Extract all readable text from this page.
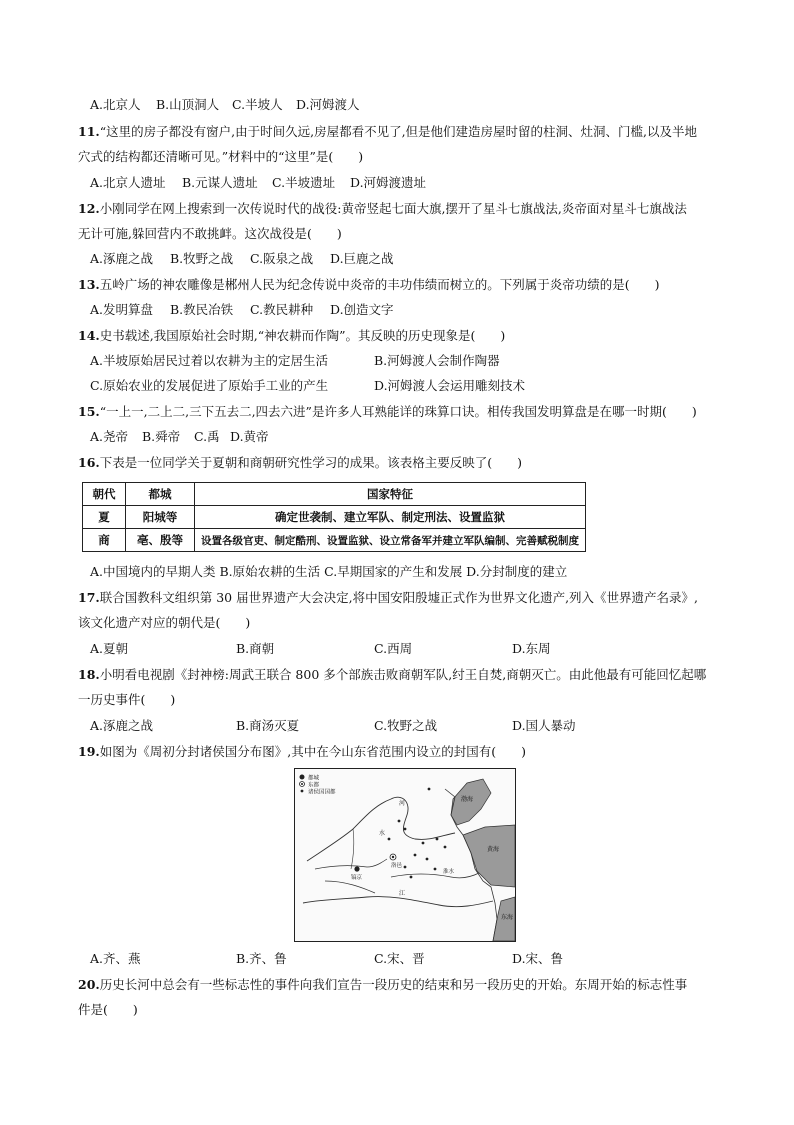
A.北京人 B.山顶洞人 C.半坡人 D.河姆渡人
11.“这里的房子都没有窗户,由于时间久远,房屋都看不见了,但是他们建造房屋时留的柱洞、灶洞、门槛,以及半地
穴式的结构都还清晰可见。”材料中的“这里”是(　　)
A.北京人遗址 B.元谋人遗址 C.半坡遗址 D.河姆渡遗址
12.小刚同学在网上搜索到一次传说时代的战役:黄帝竖起七面大旗,摆开了星斗七旗战法,炎帝面对星斗七旗战法
无计可施,躲回营内不敢挑衅。这次战役是(　　)
A.涿鹿之战 B.牧野之战 C.阪泉之战 D.巨鹿之战
13.五岭广场的神农雕像是郴州人民为纪念传说中炎帝的丰功伟绩而树立的。下列属于炎帝功绩的是(　　)
A.发明算盘 B.教民冶铁 C.教民耕种 D.创造文字
14.史书载述,我国原始社会时期,“神农耕而作陶”。其反映的历史现象是(　　)
A.半坡原始居民过着以农耕为主的定居生活	B.河姆渡人会制作陶器
C.原始农业的发展促进了原始手工业的产生	D.河姆渡人会运用雕刻技术
15.“一上一,二上二,三下五去二,四去六进”是许多人耳熟能详的珠算口诀。相传我国发明算盘是在哪一时期(　　)
A.尧帝 B.舜帝 C.禹 D.黄帝
16.下表是一位同学关于夏朝和商朝研究性学习的成果。该表格主要反映了(　　)
朝代	都城	国家特征
夏	阳城等	确定世袭制、建立军队、制定刑法、设置监狱
商	亳、殷等	设置各级官吏、制定酷刑、设置监狱、设立常备军并建立军队编制、完善赋税制度
A.中国境内的早期人类 B.原始农耕的生活 C.早期国家的产生和发展 D.分封制度的建立
17.联合国教科文组织第 30 届世界遗产大会决定,将中国安阳殷墟正式作为世界文化遗产,列入《世界遗产名录》,
该文化遗产对应的朝代是(　　)
A.夏朝	B.商朝	C.西周	D.东周
18.小明看电视剧《封神榜:周武王联合 800 多个部族击败商朝军队,纣王自焚,商朝灭亡。由此他最有可能回忆起哪
一历史事件(　　)
A.涿鹿之战	B.商汤灭夏	C.牧野之战	D.国人暴动
19.如图为《周初分封诸侯国分布图》,其中在今山东省范围内设立的封国有(　　)
都城
东都
诸侯国国都
河
水
渤海
黄海
洛邑
镐京
淮水
江
东海
A.齐、燕	B.齐、鲁	C.宋、晋	D.宋、鲁
20.历史长河中总会有一些标志性的事件向我们宣告一段历史的结束和另一段历史的开始。东周开始的标志性事
件是(　　)
